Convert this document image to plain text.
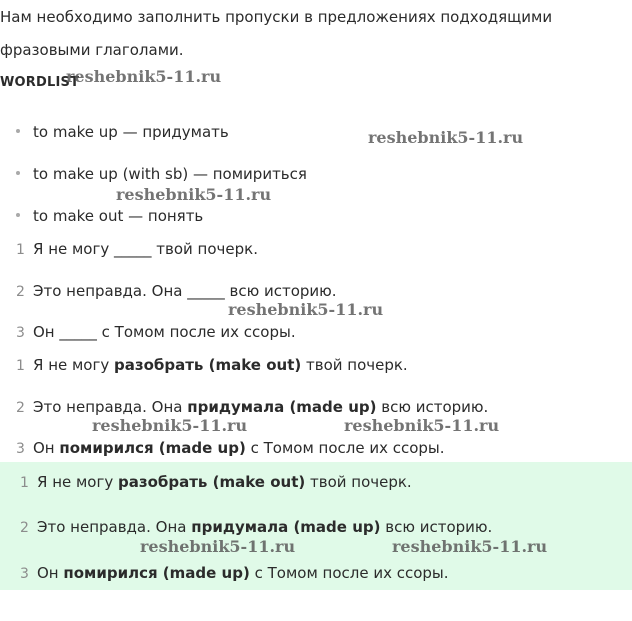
Нам необходимо заполнить пропуски в предложениях подходящими
фразовыми глаголами.
WORDLIST
to make up — придумать
to make up (with sb) — помириться
to make out — понять
1 Я не могу _____ твой почерк.
2 Это неправда. Она _____ всю историю.
3 Он _____ с Томом после их ссоры.
1 Я не могу разобрать (make out) твой почерк.
2 Это неправда. Она придумала (made up) всю историю.
3 Он помирился (made up) с Томом после их ссоры.
1 Я не могу разобрать (make out) твой почерк.
2 Это неправда. Она придумала (made up) всю историю.
3 Он помирился (made up) с Томом после их ссоры.
reshebnik5-11.ru
reshebnik5-11.ru
reshebnik5-11.ru
reshebnik5-11.ru
reshebnik5-11.ru	reshebnik5-11.ru
reshebnik5-11.ru	reshebnik5-11.ru
